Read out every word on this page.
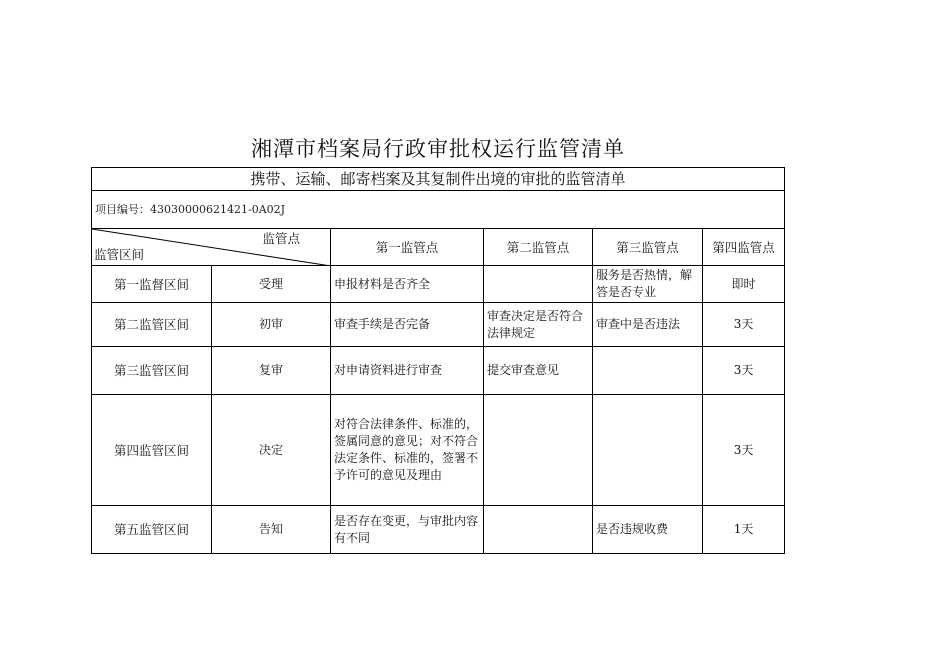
湘潭市档案局行政审批权运行监管清单
携带、运输、邮寄档案及其复制件出境的审批的监管清单					
项目编号：43030000621421-0A02J					

监管点
监管区间		第一监管点	第二监管点	第三监管点	第四监管点
第一监督区间	受理	申报材料是否齐全		服务是否热情，解答是否专业	即时
第二监管区间	初审	审查手续是否完备	审查决定是否符合法律规定	审查中是否违法	3天
第三监管区间	复审	对申请资料进行审查	提交审查意见		3天
第四监管区间	决定	对符合法律条件、标准的，签属同意的意见；对不符合法定条件、标准的，签署不予许可的意见及理由			3天
第五监管区间	告知	是否存在变更，与审批内容有不同		是否违规收费	1天
